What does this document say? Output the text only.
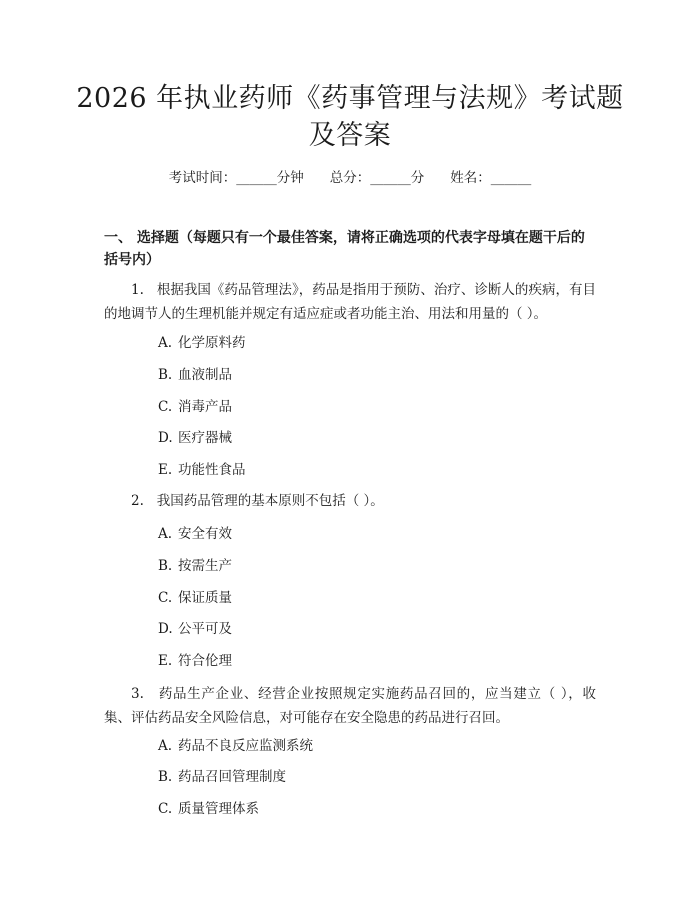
2026 年执业药师《药事管理与法规》考试题
及答案
考试时间：______分钟 总分：______分 姓名：______
一、 选择题（每题只有一个最佳答案，请将正确选项的代表字母填在题干后的括号内）
1. 根据我国《药品管理法》，药品是指用于预防、治疗、诊断人的疾病，有目的地调节人的生理机能并规定有适应症或者功能主治、用法和用量的（ ）。
A. 化学原料药
B. 血液制品
C. 消毒产品
D. 医疗器械
E. 功能性食品
2. 我国药品管理的基本原则不包括（ ）。
A. 安全有效
B. 按需生产
C. 保证质量
D. 公平可及
E. 符合伦理
3. 药品生产企业、经营企业按照规定实施药品召回的，应当建立（ ），收集、评估药品安全风险信息，对可能存在安全隐患的药品进行召回。
A. 药品不良反应监测系统
B. 药品召回管理制度
C. 质量管理体系
